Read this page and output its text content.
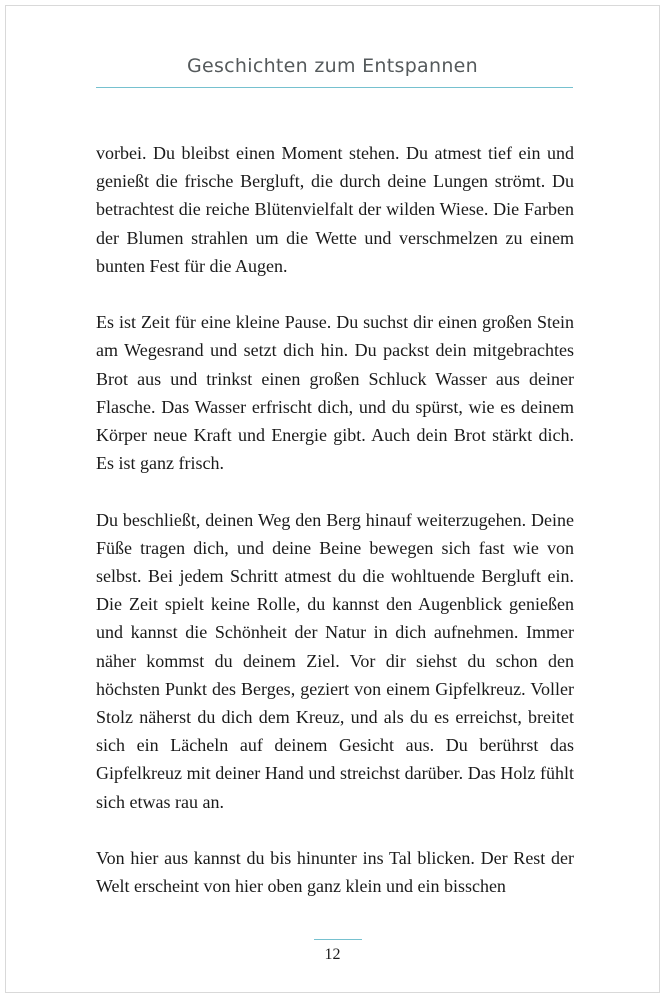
Geschichten zum Entspannen

vorbei. Du bleibst einen Moment stehen. Du atmest tief ein und genießt die frische Bergluft, die durch deine Lungen strömt. Du betrachtest die reiche Blütenvielfalt der wilden Wiese. Die Farben der Blumen strahlen um die Wette und verschmelzen zu einem bunten Fest für die Augen.

Es ist Zeit für eine kleine Pause. Du suchst dir einen großen Stein am Wegesrand und setzt dich hin. Du packst dein mitgebrachtes Brot aus und trinkst einen großen Schluck Wasser aus deiner Flasche. Das Wasser erfrischt dich, und du spürst, wie es deinem Körper neue Kraft und Energie gibt. Auch dein Brot stärkt dich. Es ist ganz frisch.

Du beschließt, deinen Weg den Berg hinauf weiterzugehen. Deine Füße tragen dich, und deine Beine bewegen sich fast wie von selbst. Bei jedem Schritt atmest du die wohltuende Bergluft ein. Die Zeit spielt keine Rolle, du kannst den Augenblick genießen und kannst die Schönheit der Natur in dich aufnehmen. Immer näher kommst du deinem Ziel. Vor dir siehst du schon den höchsten Punkt des Berges, geziert von einem Gipfelkreuz. Voller Stolz näherst du dich dem Kreuz, und als du es erreichst, breitet sich ein Lächeln auf deinem Gesicht aus. Du berührst das Gipfelkreuz mit deiner Hand und streichst darüber. Das Holz fühlt sich etwas rau an.

Von hier aus kannst du bis hinunter ins Tal blicken. Der Rest der Welt erscheint von hier oben ganz klein und ein bisschen

12
